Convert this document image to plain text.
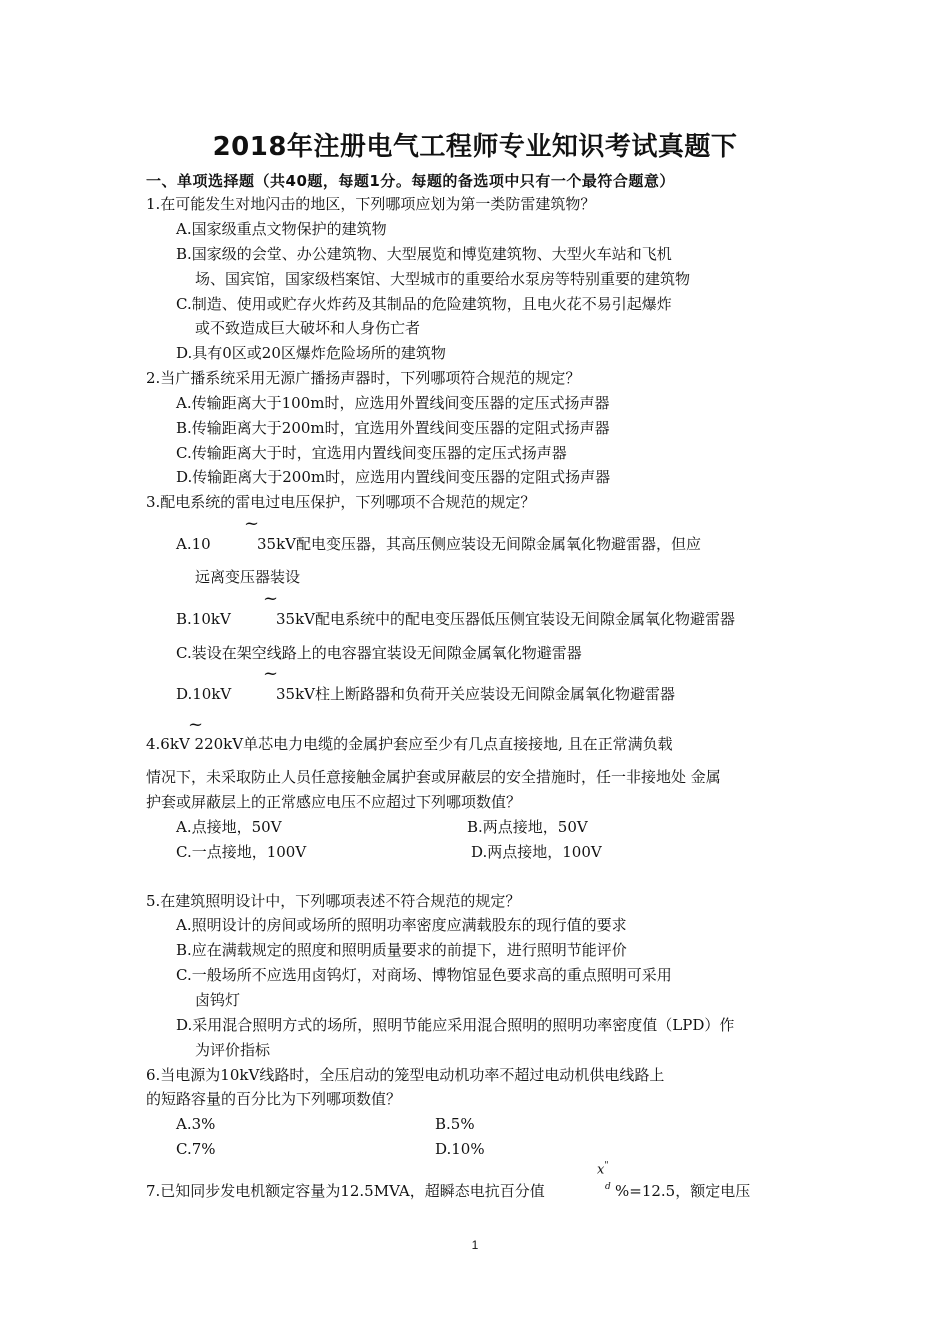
2018年注册电气工程师专业知识考试真题下
一、单项选择题（共40题，每题1分。每题的备选项中只有一个最符合题意）
1.在可能发生对地闪击的地区，下列哪项应划为第一类防雷建筑物？
A.国家级重点文物保护的建筑物
B.国家级的会堂、办公建筑物、大型展览和博览建筑物、大型火车站和飞机
场、国宾馆，国家级档案馆、大型城市的重要给水泵房等特别重要的建筑物
C.制造、使用或贮存火炸药及其制品的危险建筑物，且电火花不易引起爆炸
或不致造成巨大破坏和人身伤亡者
D.具有0区或20区爆炸危险场所的建筑物
2.当广播系统采用无源广播扬声器时，下列哪项符合规范的规定？
A.传输距离大于100m时，应选用外置线间变压器的定压式扬声器
B.传输距离大于200m时，宜选用外置线间变压器的定阻式扬声器
C.传输距离大于时，宜选用内置线间变压器的定压式扬声器
D.传输距离大于200m时，应选用内置线间变压器的定阻式扬声器
3.配电系统的雷电过电压保护，下列哪项不合规范的规定？
~
A.10	35kV配电变压器，其高压侧应装设无间隙金属氧化物避雷器，但应
远离变压器装设
~
B.10kV	35kV配电系统中的配电变压器低压侧宜装设无间隙金属氧化物避雷器
C.装设在架空线路上的电容器宜装设无间隙金属氧化物避雷器
~
D.10kV	35kV柱上断路器和负荷开关应装设无间隙金属氧化物避雷器
~
4.6kV 220kV单芯电力电缆的金属护套应至少有几点直接接地, 且在正常满负载
情况下，未采取防止人员任意接触金属护套或屏蔽层的安全措施时，任一非接地处 金属
护套或屏蔽层上的正常感应电压不应超过下列哪项数值？
A.点接地，50V	B.两点接地，50V
C.一点接地，100V	D.两点接地，100V
5.在建筑照明设计中，下列哪项表述不符合规范的规定？
A.照明设计的房间或场所的照明功率密度应满载股东的现行值的要求
B.应在满载规定的照度和照明质量要求的前提下，进行照明节能评价
C.一般场所不应选用卤钨灯，对商场、博物馆显色要求高的重点照明可采用
卤钨灯
D.采用混合照明方式的场所，照明节能应采用混合照明的照明功率密度值（LPD）作
为评价指标
6.当电源为10kV线路时，全压启动的笼型电动机功率不超过电动机供电线路上
的短路容量的百分比为下列哪项数值？
A.3%	B.5%
C.7%	D.10%
7.已知同步发电机额定容量为12.5MVA，超瞬态电抗百分值
x"
$_d$ %=12.5，额定电压
1
